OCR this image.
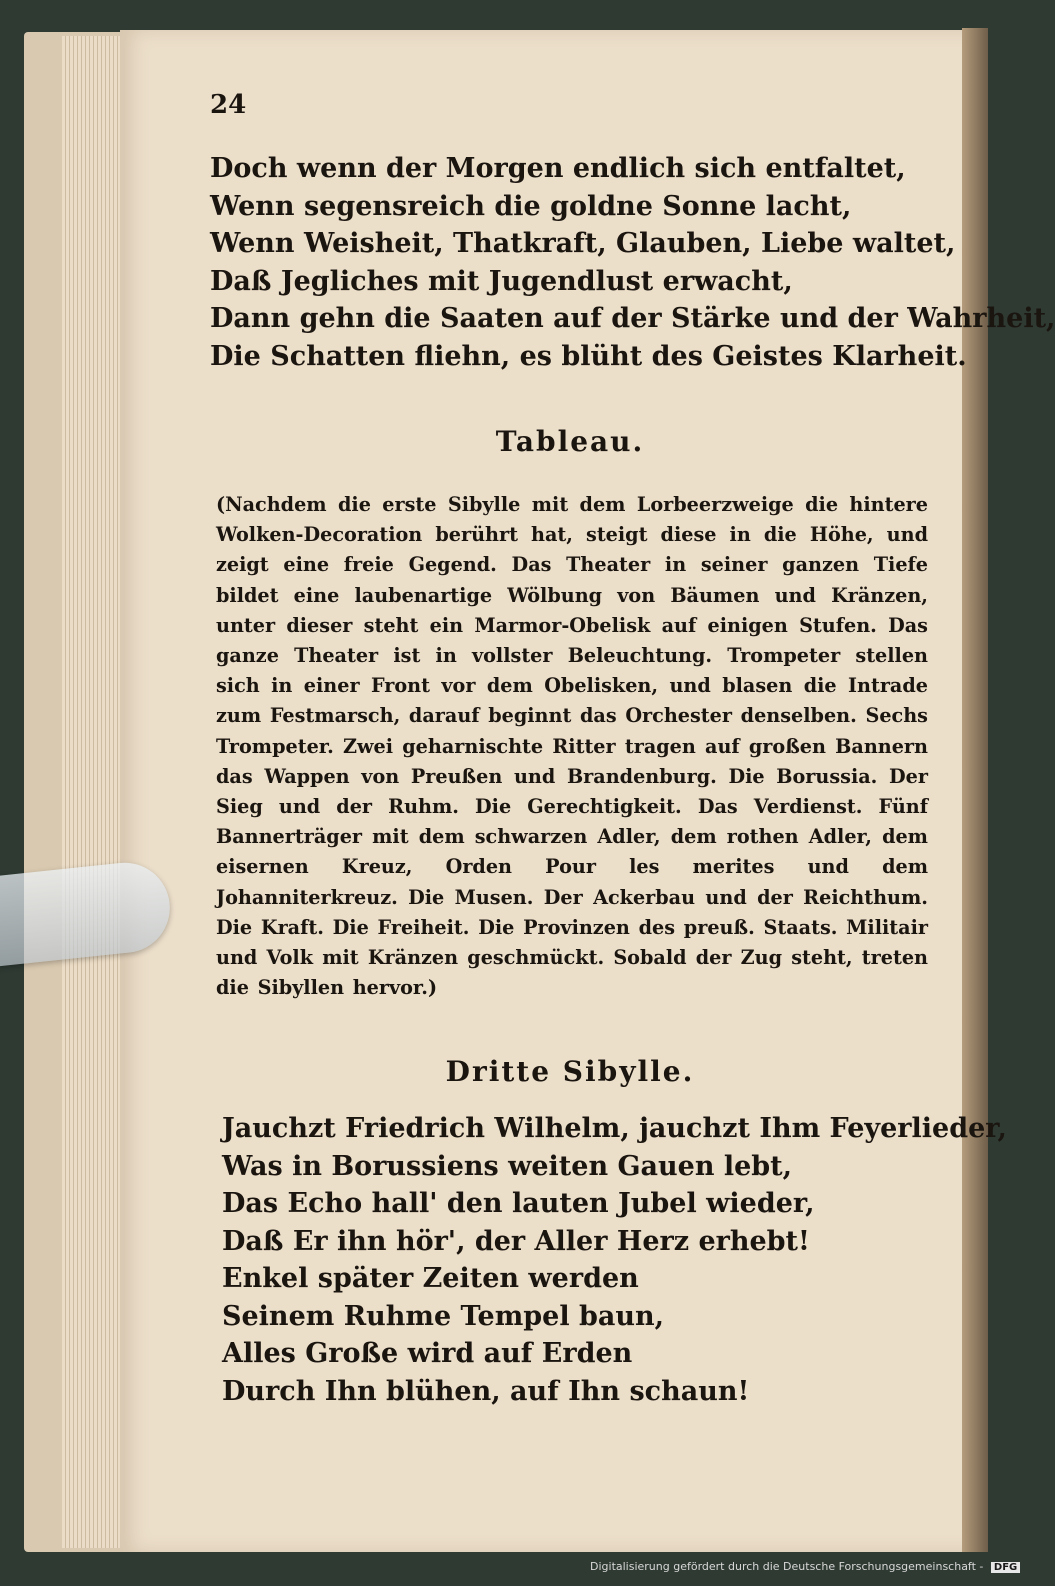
24
Doch wenn der Morgen endlich sich entfaltet,
Wenn segensreich die goldne Sonne lacht,
Wenn Weisheit, Thatkraft, Glauben, Liebe waltet,
Daß Jegliches mit Jugendlust erwacht,
Dann gehn die Saaten auf der Stärke und der Wahrheit,
Die Schatten fliehn, es blüht des Geistes Klarheit.
Tableau.
(Nachdem die erste Sibylle mit dem Lorbeerzweige die hintere Wolken-Decoration berührt hat, steigt diese in die Höhe, und zeigt eine freie Gegend. Das Theater in seiner ganzen Tiefe bildet eine laubenartige Wölbung von Bäumen und Kränzen, unter dieser steht ein Marmor-Obelisk auf einigen Stufen. Das ganze Theater ist in vollster Beleuchtung. Trompeter stellen sich in einer Front vor dem Obelisken, und blasen die Intrade zum Festmarsch, darauf beginnt das Orchester denselben. Sechs Trompeter. Zwei geharnischte Ritter tragen auf großen Bannern das Wappen von Preußen und Brandenburg. Die Borussia. Der Sieg und der Ruhm. Die Gerechtigkeit. Das Verdienst. Fünf Bannerträger mit dem schwarzen Adler, dem rothen Adler, dem eisernen Kreuz, Orden Pour les merites und dem Johanniterkreuz. Die Musen. Der Ackerbau und der Reichthum. Die Kraft. Die Freiheit. Die Provinzen des preuß. Staats. Militair und Volk mit Kränzen geschmückt. Sobald der Zug steht, treten die Sibyllen hervor.)
Dritte Sibylle.
Jauchzt Friedrich Wilhelm, jauchzt Ihm Feyerlieder,
Was in Borussiens weiten Gauen lebt,
Das Echo hall' den lauten Jubel wieder,
Daß Er ihn hör', der Aller Herz erhebt!
Enkel später Zeiten werden
Seinem Ruhme Tempel baun,
Alles Große wird auf Erden
Durch Ihn blühen, auf Ihn schaun!
Digitalisierung gefördert durch die Deutsche Forschungsgemeinschaft - DFG
